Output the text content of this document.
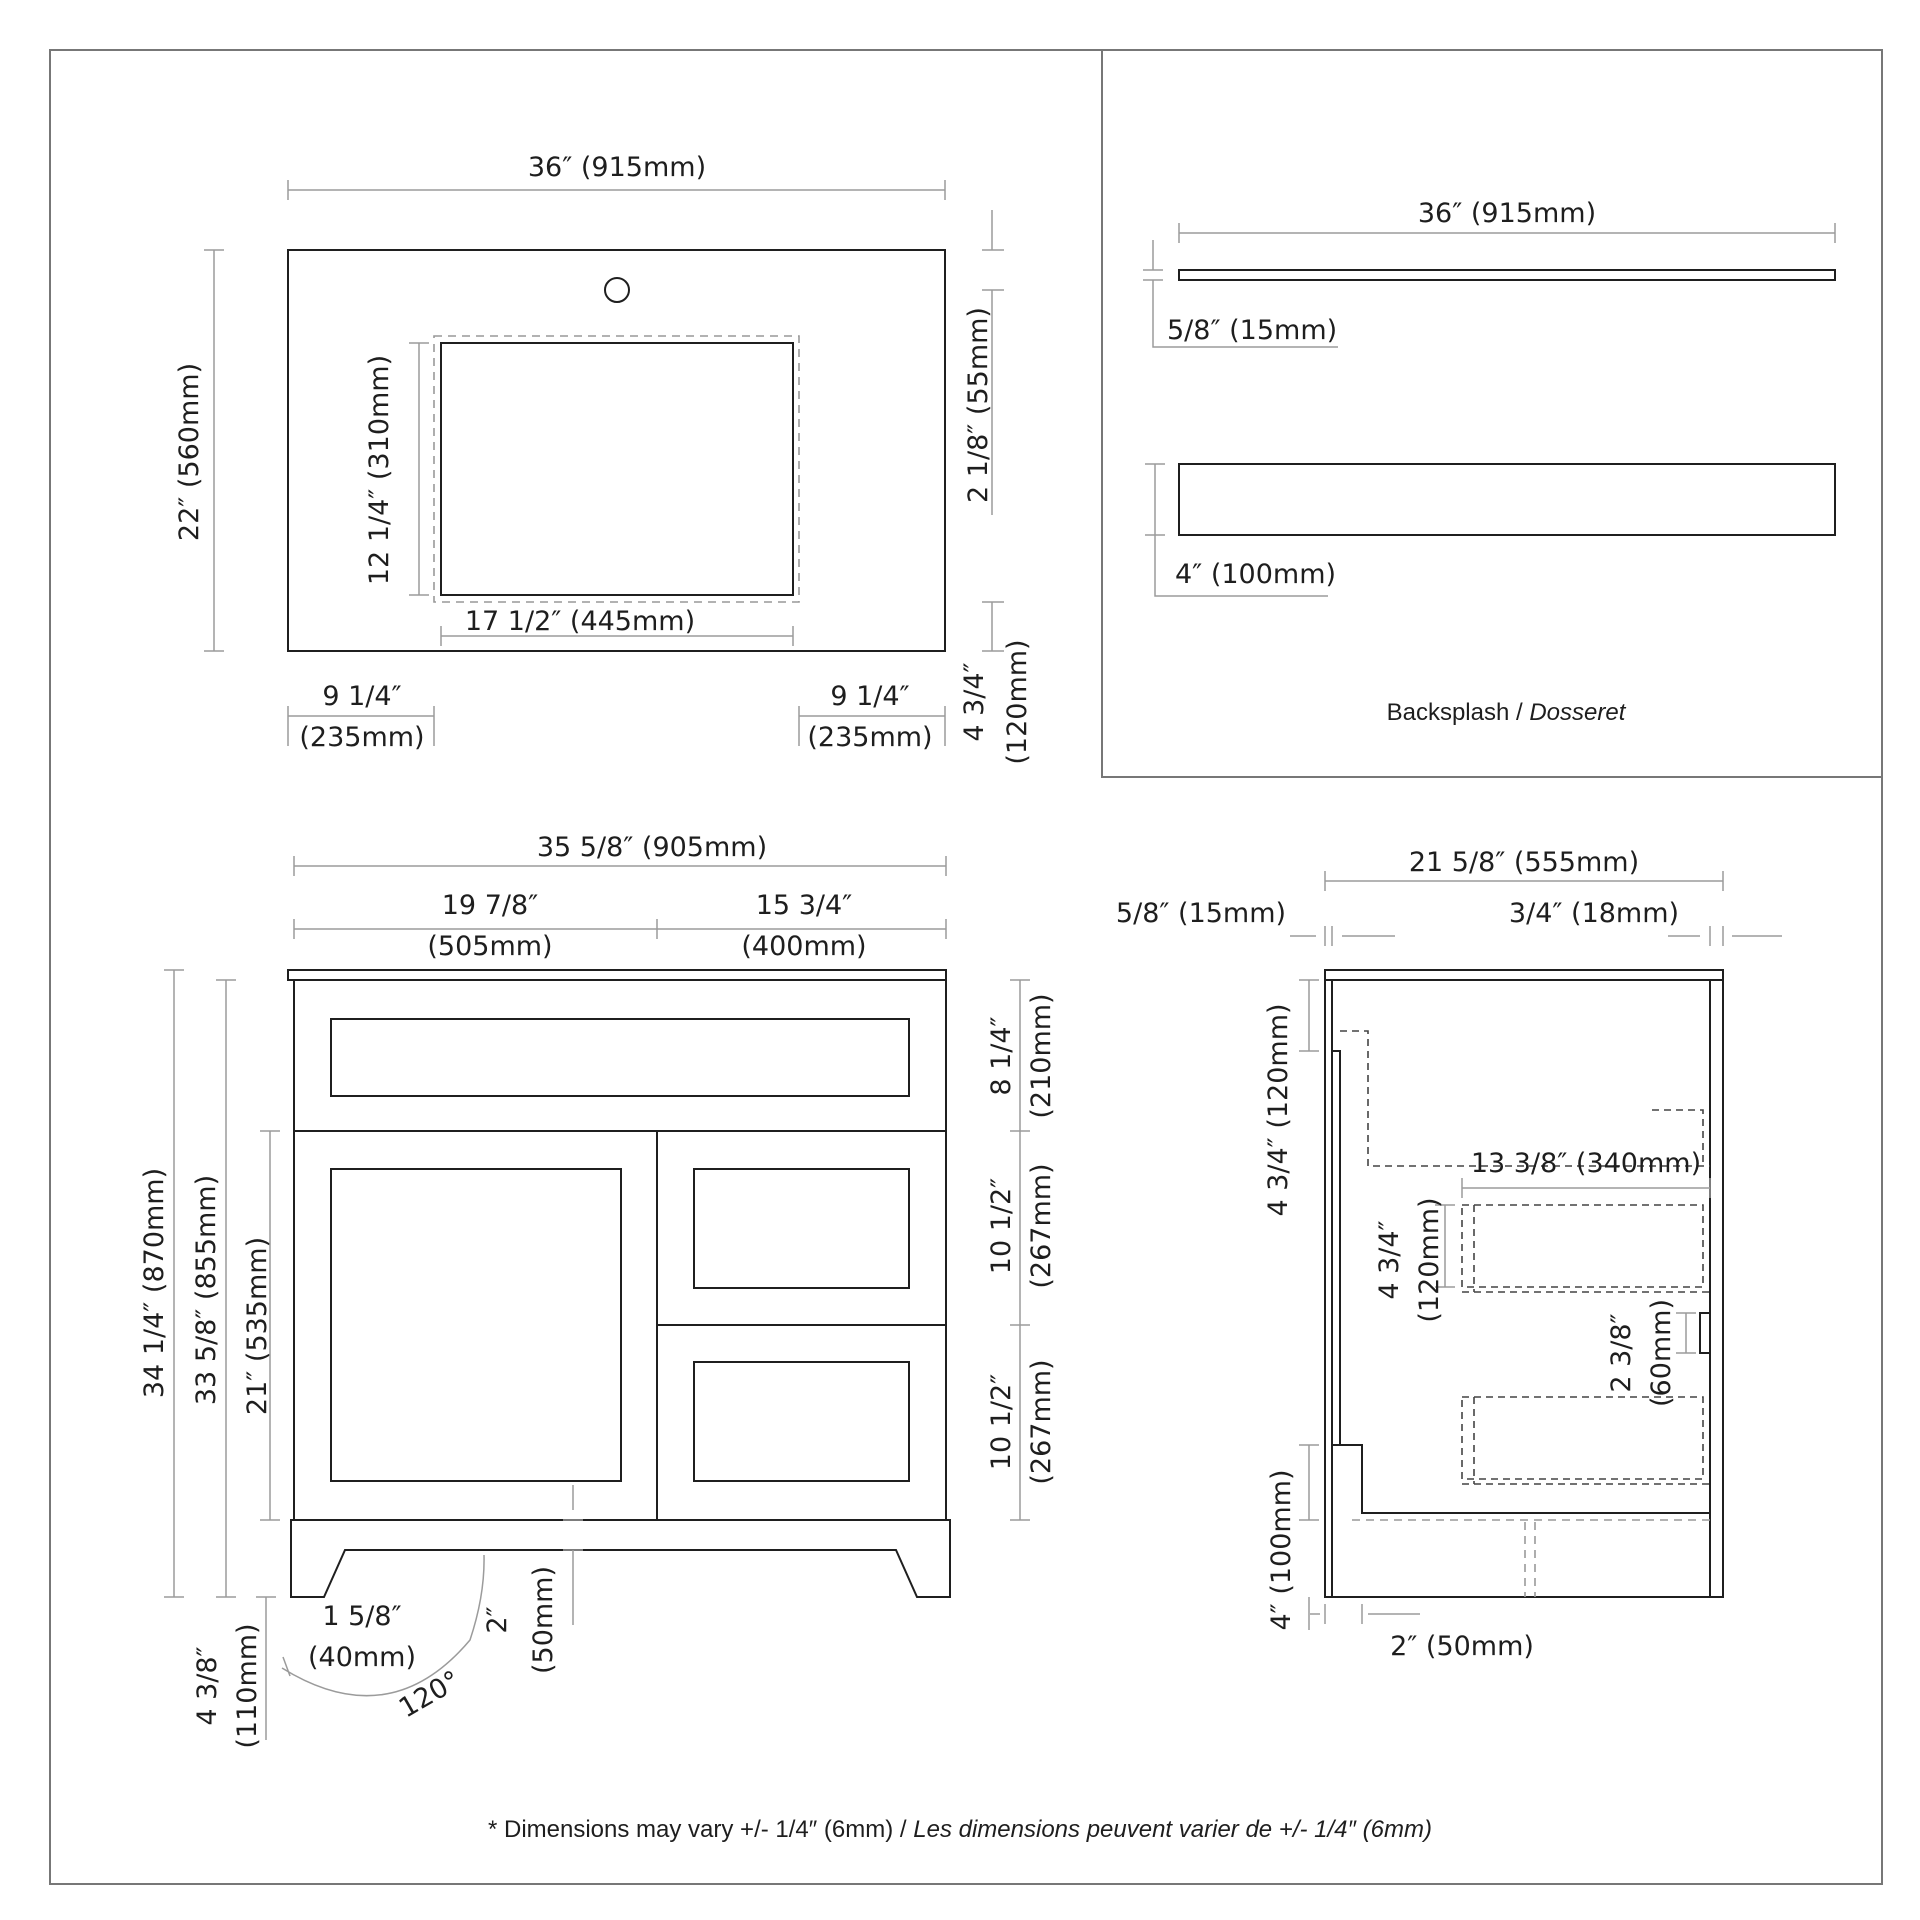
36″ (915mm)
22″ (560mm)	12 1/4″ (310mm)
17 1/2″ (445mm)
2 1/8″ (55mm)
9 1/4″
(235mm)
9 1/4″
(235mm) 4 3/4″ (120mm)
36″ (915mm)
5/8″ (15mm)
4″ (100mm)
Backsplash / Dosseret
35 5/8″ (905mm)
19 7/8″
(505mm)
15 3/4″
(400mm)
34 1/4″ (870mm) 33 5/8″ (855mm) 21″ (535mm)
8 1/4″ (210mm)
10 1/2″ (267mm)
10 1/2″ (267mm)
2″ (50mm)
1 5/8″
(40mm)
120°
4 3/8″ (110mm)
21 5/8″ (555mm)
5/8″ (15mm)	3/4″ (18mm)
4 3/4″ (120mm)
4″ (100mm)
13 3/8″ (340mm)
4 3/4″ (120mm)
2 3/8″ (60mm)
2″ (50mm)
* Dimensions may vary +/- 1/4″ (6mm) / Les dimensions peuvent varier de +/- 1/4″ (6mm)
